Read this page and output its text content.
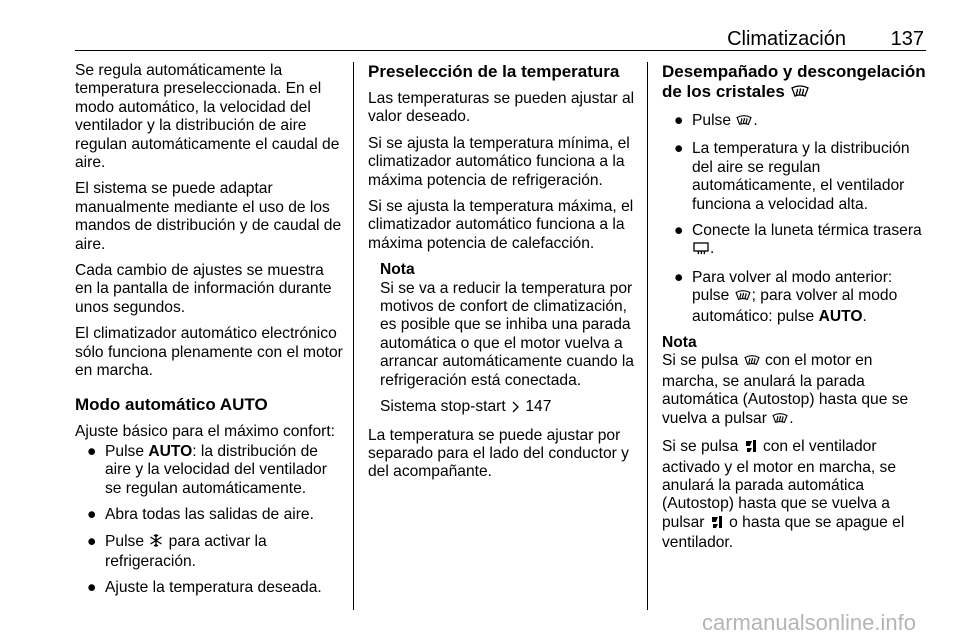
Climatización 137

Se regula automáticamente la temperatura preseleccionada. En el modo automático, la velocidad del ventilador y la distribución de aire regulan automáticamente el caudal de aire.

El sistema se puede adaptar manualmente mediante el uso de los mandos de distribución y de caudal de aire.

Cada cambio de ajustes se muestra en la pantalla de información durante unos segundos.

El climatizador automático electrónico sólo funciona plenamente con el motor en marcha.

Modo automático AUTO

Ajuste básico para el máximo confort:

● Pulse AUTO: la distribución de aire y la velocidad del ventilador se regulan automáticamente.
● Abra todas las salidas de aire.
● Pulse  para activar la refrigeración.
● Ajuste la temperatura deseada.
Preselección de la temperatura

Las temperaturas se pueden ajustar al valor deseado.

Si se ajusta la temperatura mínima, el climatizador automático funciona a la máxima potencia de refrigeración.

Si se ajusta la temperatura máxima, el climatizador automático funciona a la máxima potencia de calefacción.

Nota
Si se va a reducir la temperatura por motivos de confort de climatización, es posible que se inhiba una parada automática o que el motor vuelva a arrancar automáticamente cuando la refrigeración está conectada.

Sistema stop-start 147

La temperatura se puede ajustar por separado para el lado del conductor y del acompañante.

Desempañado y descongelación de los cristales
● Pulse .
● La temperatura y la distribución del aire se regulan automáticamente, el ventilador funciona a velocidad alta.
● Conecte la luneta térmica trasera .
● Para volver al modo anterior: pulse ; para volver al modo automático: pulse AUTO.

Nota
Si se pulsa  con el motor en marcha, se anulará la parada automática (Autostop) hasta que se vuelva a pulsar .

Si se pulsa  con el ventilador activado y el motor en marcha, se anulará la parada automática (Autostop) hasta que se vuelva a pulsar  o hasta que se apague el ventilador.

carmanualsonline.info
